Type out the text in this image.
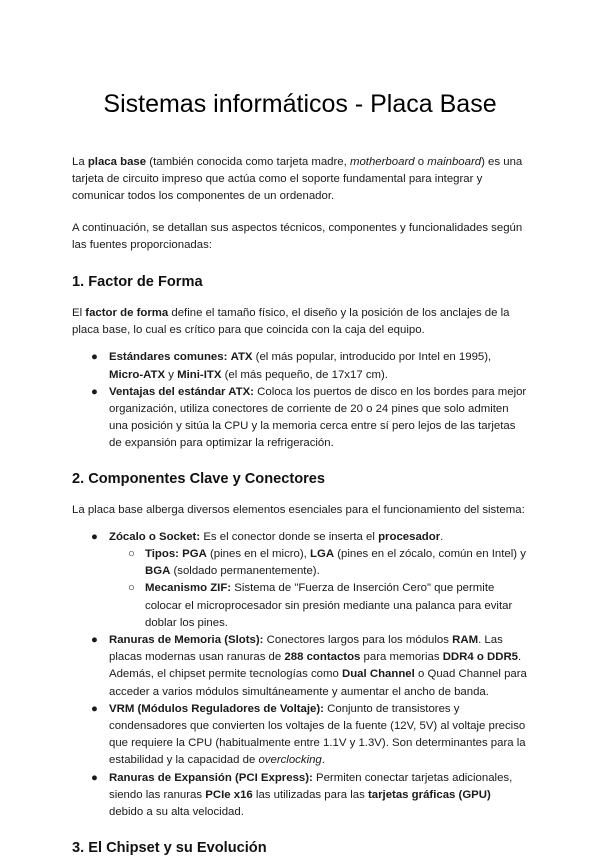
Sistemas informáticos - Placa Base

La placa base (también conocida como tarjeta madre, motherboard o mainboard) es una tarjeta de circuito impreso que actúa como el soporte fundamental para integrar y comunicar todos los componentes de un ordenador.

A continuación, se detallan sus aspectos técnicos, componentes y funcionalidades según las fuentes proporcionadas:

1. Factor de Forma

El factor de forma define el tamaño físico, el diseño y la posición de los anclajes de la placa base, lo cual es crítico para que coincida con la caja del equipo.

● Estándares comunes: ATX (el más popular, introducido por Intel en 1995), Micro-ATX y Mini-ITX (el más pequeño, de 17x17 cm).
● Ventajas del estándar ATX: Coloca los puertos de disco en los bordes para mejor organización, utiliza conectores de corriente de 20 o 24 pines que solo admiten una posición y sitúa la CPU y la memoria cerca entre sí pero lejos de las tarjetas de expansión para optimizar la refrigeración.
2. Componentes Clave y Conectores

La placa base alberga diversos elementos esenciales para el funcionamiento del sistema:

● Zócalo o Socket: Es el conector donde se inserta el procesador.
○ Tipos: PGA (pines en el micro), LGA (pines en el zócalo, común en Intel) y BGA (soldado permanentemente).
○ Mecanismo ZIF: Sistema de "Fuerza de Inserción Cero" que permite colocar el microprocesador sin presión mediante una palanca para evitar doblar los pines.
● Ranuras de Memoria (Slots): Conectores largos para los módulos RAM. Las placas modernas usan ranuras de 288 contactos para memorias DDR4 o DDR5. Además, el chipset permite tecnologías como Dual Channel o Quad Channel para acceder a varios módulos simultáneamente y aumentar el ancho de banda.
● VRM (Módulos Reguladores de Voltaje): Conjunto de transistores y condensadores que convierten los voltajes de la fuente (12V, 5V) al voltaje preciso que requiere la CPU (habitualmente entre 1.1V y 1.3V). Son determinantes para la estabilidad y la capacidad de overclocking.
● Ranuras de Expansión (PCI Express): Permiten conectar tarjetas adicionales, siendo las ranuras PCIe x16 las utilizadas para las tarjetas gráficas (GPU) debido a su alta velocidad.
3. El Chipset y su Evolución
